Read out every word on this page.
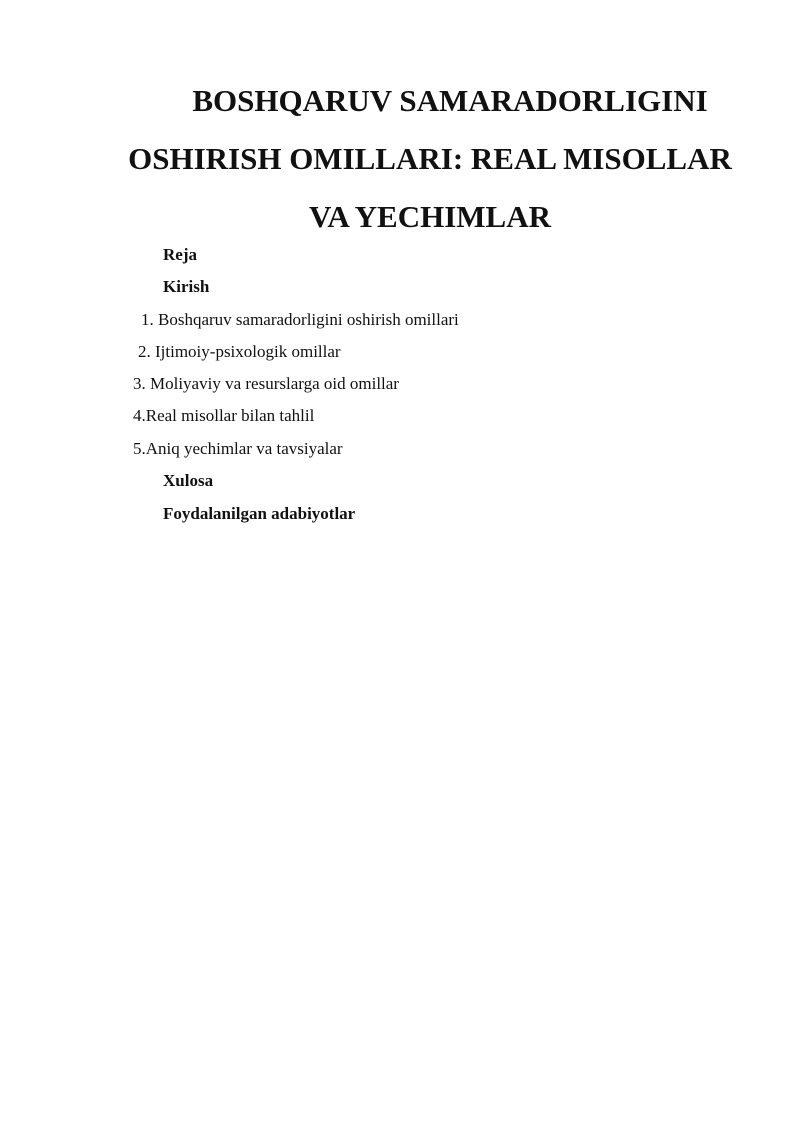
BOSHQARUV SAMARADORLIGINI
OSHIRISH OMILLARI: REAL MISOLLAR
VA YECHIMLAR
Reja
Kirish
1. Boshqaruv samaradorligini oshirish omillari
2. Ijtimoiy-psixologik omillar
3. Moliyaviy va resurslarga oid omillar
4.Real misollar bilan tahlil
5.Aniq yechimlar va tavsiyalar
Xulosa
Foydalanilgan adabiyotlar
